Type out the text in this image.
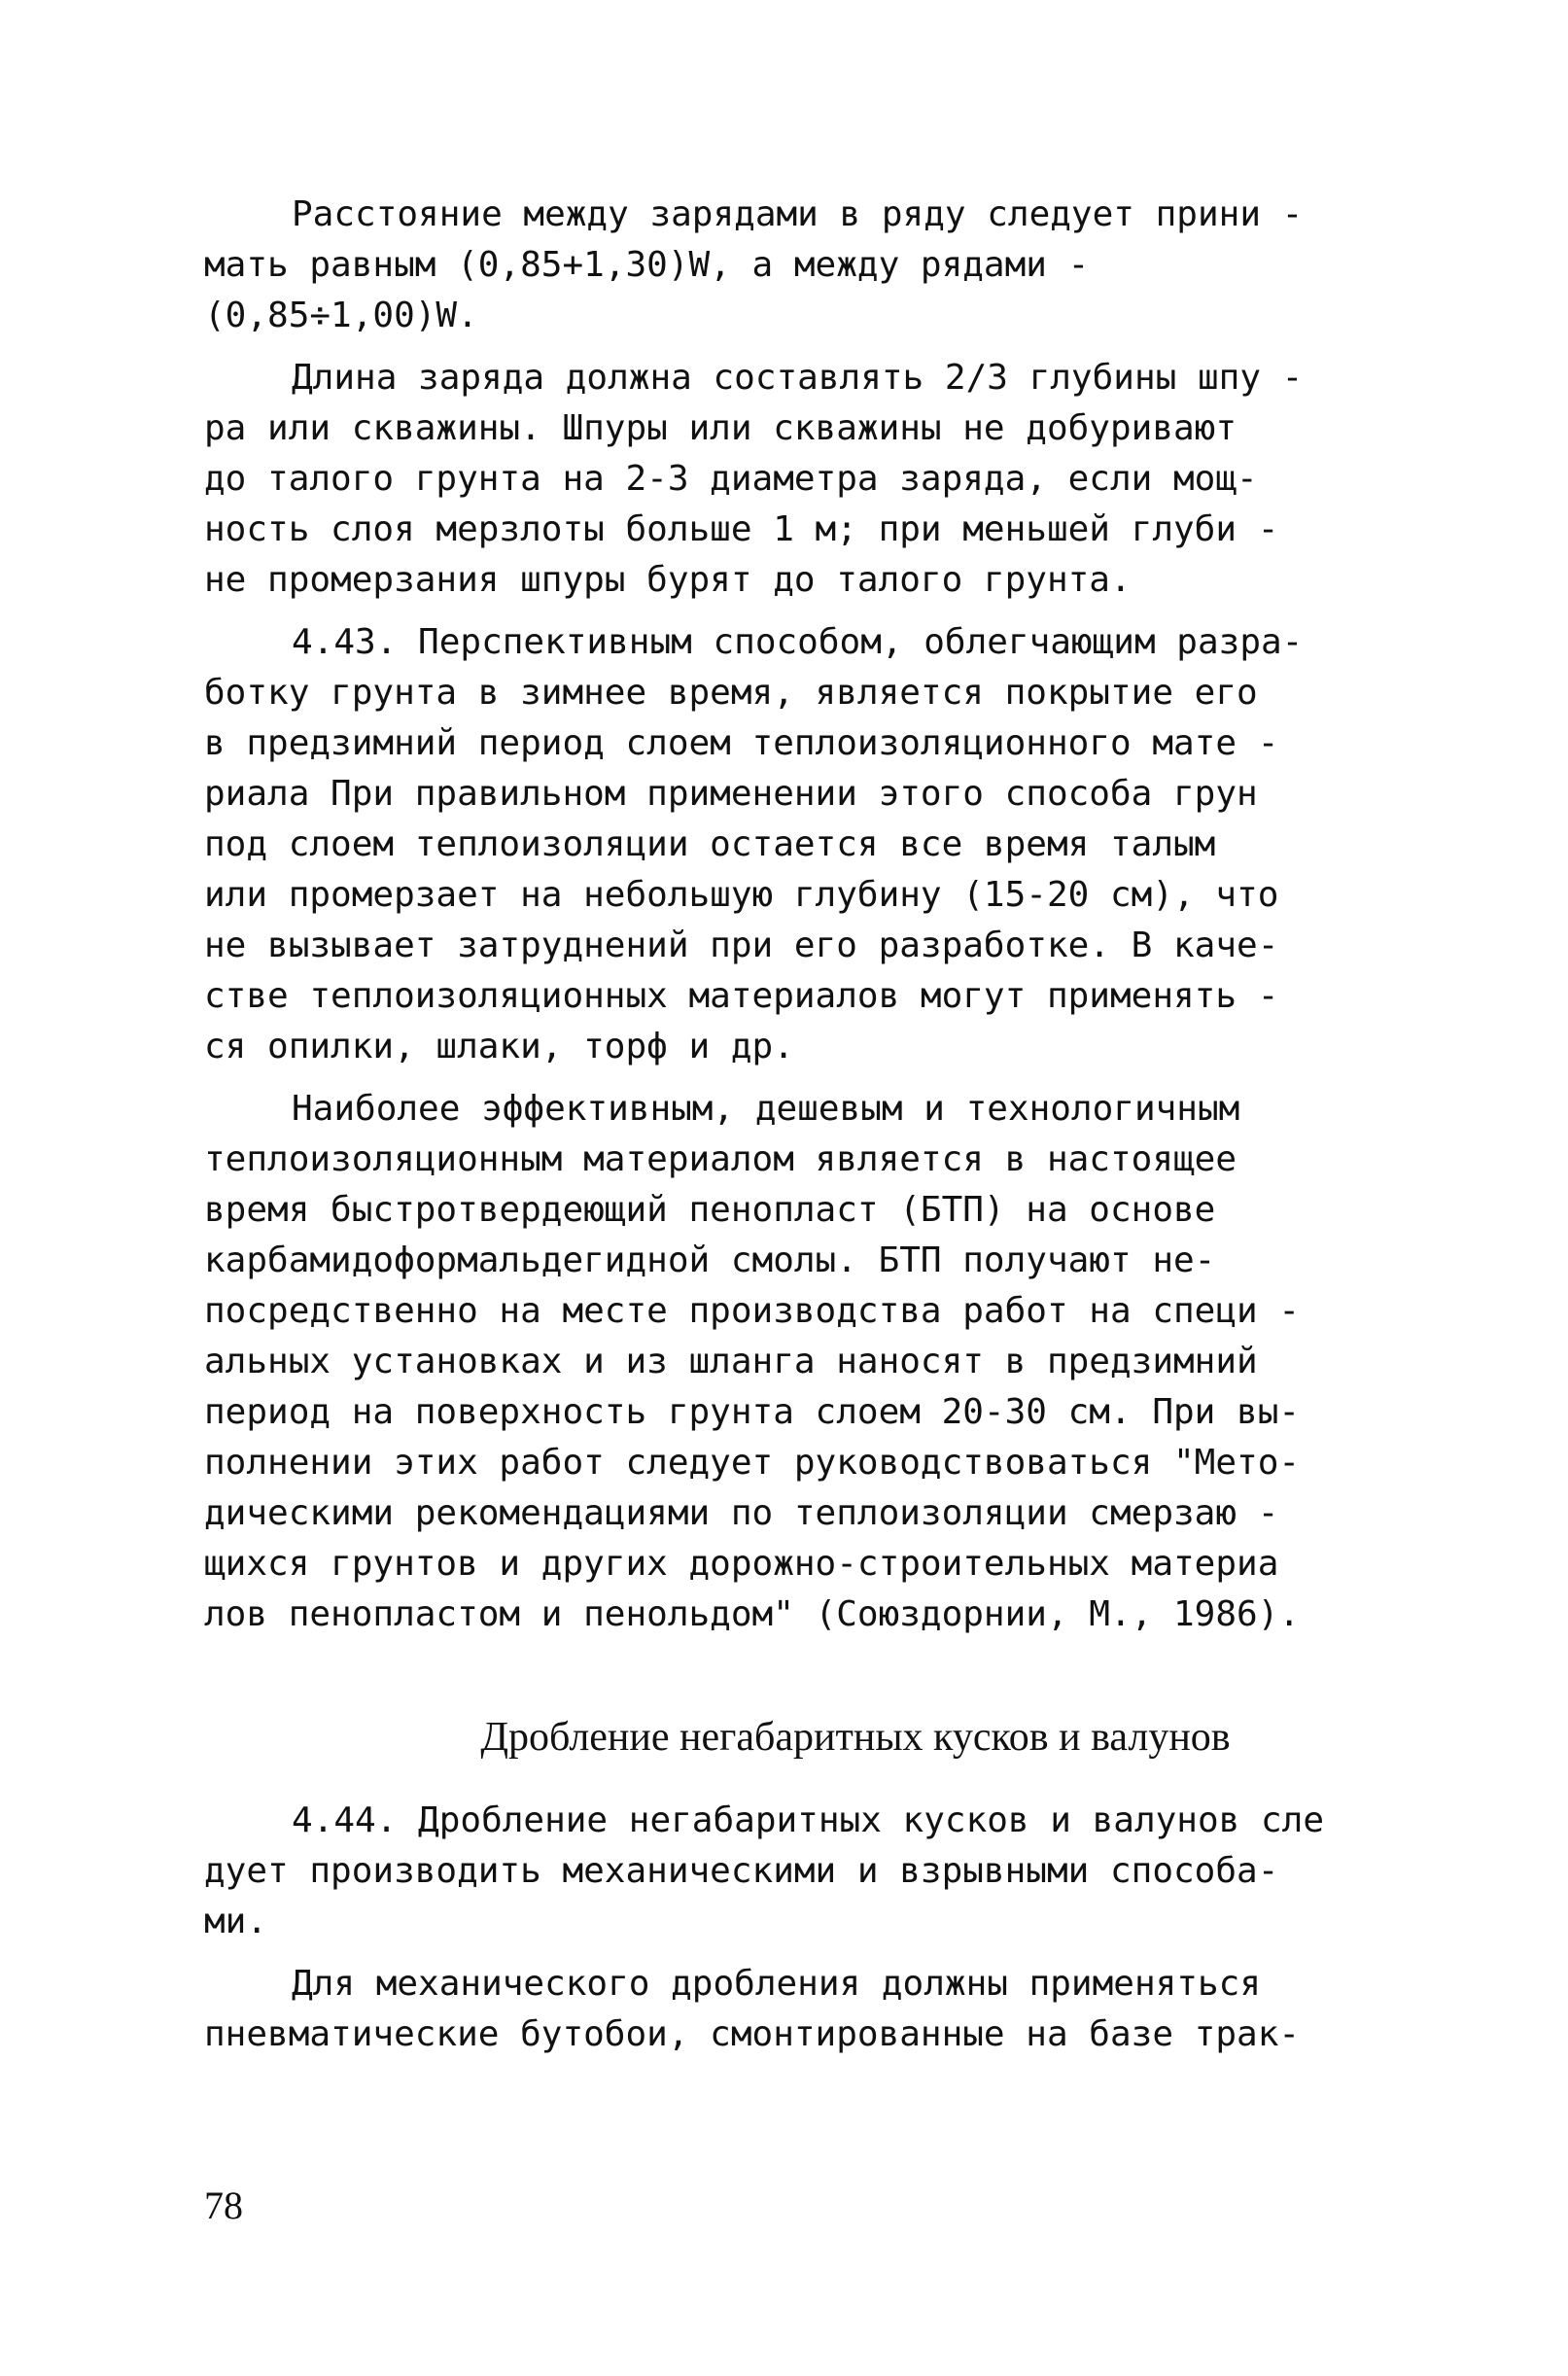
Расстояние между зарядами в ряду следует прини -
мать равным (0,85+1,30)W, а между рядами -
(0,85÷1,00)W.
Длина заряда должна составлять 2/3 глубины шпу -
ра или скважины. Шпуры или скважины не добуривают
до талого грунта на 2-3 диаметра заряда, если мощ-
ность слоя мерзлоты больше 1 м; при меньшей глуби -
не промерзания шпуры бурят до талого грунта.
4.43. Перспективным способом, облегчающим разра-
ботку грунта в зимнее время, является покрытие его
в предзимний период слоем теплоизоляционного мате -
риала При правильном применении этого способа грун
под слоем теплоизоляции остается все время талым
или промерзает на небольшую глубину (15-20 см), что
не вызывает затруднений при его разработке. В каче-
стве теплоизоляционных материалов могут применять -
ся опилки, шлаки, торф и др.
Наиболее эффективным, дешевым и технологичным
теплоизоляционным материалом является в настоящее
время быстротвердеющий пенопласт (БТП) на основе
карбамидоформальдегидной смолы. БТП получают не-
посредственно на месте производства работ на специ -
альных установках и из шланга наносят в предзимний
период на поверхность грунта слоем 20-30 см. При вы-
полнении этих работ следует руководствоваться "Мето-
дическими рекомендациями по теплоизоляции смерзаю -
щихся грунтов и других дорожно-строительных материа
лов пенопластом и пенольдом" (Союздорнии, М., 1986).
Дробление негабаритных кусков и валунов
4.44. Дробление негабаритных кусков и валунов сле
дует производить механическими и взрывными способа-
ми.
Для механического дробления должны применяться
пневматические бутобои, смонтированные на базе трак-
78
